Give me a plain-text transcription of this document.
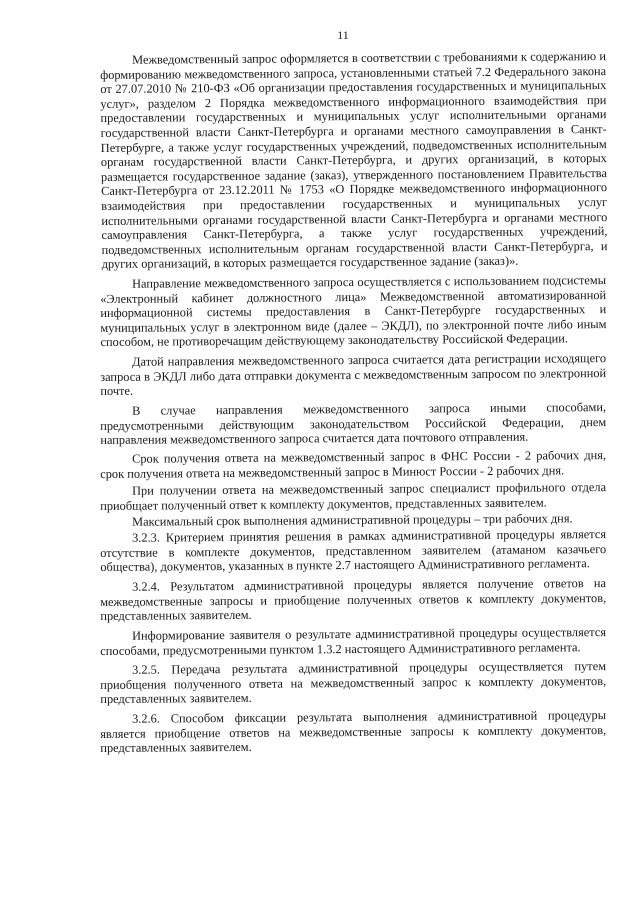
11

Межведомственный запрос оформляется в соответствии с требованиями к содержанию и формированию межведомственного запроса, установленными статьей 7.2 Федерального закона от 27.07.2010 № 210-ФЗ «Об организации предоставления государственных и муниципальных услуг», разделом 2 Порядка межведомственного информационного взаимодействия при предоставлении государственных и муниципальных услуг исполнительными органами государственной власти Санкт-Петербурга и органами местного самоуправления в Санкт-Петербурге, а также услуг государственных учреждений, подведомственных исполнительным органам государственной власти Санкт-Петербурга, и других организаций, в которых размещается государственное задание (заказ), утвержденного постановлением Правительства Санкт-Петербурга от 23.12.2011 № 1753 «О Порядке межведомственного информационного взаимодействия при предоставлении государственных и муниципальных услуг исполнительными органами государственной власти Санкт-Петербурга и органами местного самоуправления Санкт-Петербурга, а также услуг государственных учреждений, подведомственных исполнительным органам государственной власти Санкт-Петербурга, и других организаций, в которых размещается государственное задание (заказ)».

Направление межведомственного запроса осуществляется с использованием подсистемы «Электронный кабинет должностного лица» Межведомственной автоматизированной информационной системы предоставления в Санкт-Петербурге государственных и муниципальных услуг в электронном виде (далее – ЭКДЛ), по электронной почте либо иным способом, не противоречащим действующему законодательству Российской Федерации.

Датой направления межведомственного запроса считается дата регистрации исходящего запроса в ЭКДЛ либо дата отправки документа с межведомственным запросом по электронной почте.

В случае направления межведомственного запроса иными способами, предусмотренными действующим законодательством Российской Федерации, днем направления межведомственного запроса считается дата почтового отправления.

Срок получения ответа на межведомственный запрос в ФНС России - 2 рабочих дня, срок получения ответа на межведомственный запрос в Минюст России - 2 рабочих дня.

При получении ответа на межведомственный запрос специалист профильного отдела приобщает полученный ответ к комплекту документов, представленных заявителем.

Максимальный срок выполнения административной процедуры – три рабочих дня.

3.2.3. Критерием принятия решения в рамках административной процедуры является отсутствие в комплекте документов, представленном заявителем (атаманом казачьего общества), документов, указанных в пункте 2.7 настоящего Административного регламента.

3.2.4. Результатом административной процедуры является получение ответов на межведомственные запросы и приобщение полученных ответов к комплекту документов, представленных заявителем.

Информирование заявителя о результате административной процедуры осуществляется способами, предусмотренными пунктом 1.3.2 настоящего Административного регламента.

3.2.5. Передача результата административной процедуры осуществляется путем приобщения полученного ответа на межведомственный запрос к комплекту документов, представленных заявителем.

3.2.6. Способом фиксации результата выполнения административной процедуры является приобщение ответов на межведомственные запросы к комплекту документов, представленных заявителем.
